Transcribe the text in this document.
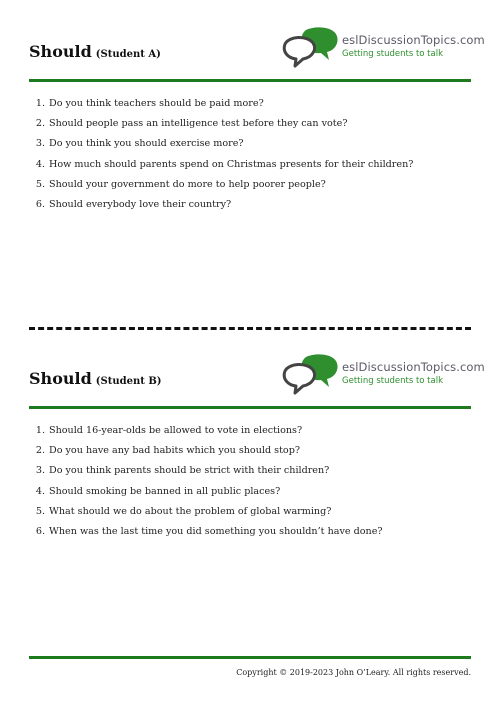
Should (Student A)
eslDiscussionTopics.com
Getting students to talk
1. Do you think teachers should be paid more?
2. Should people pass an intelligence test before they can vote?
3. Do you think you should exercise more?
4. How much should parents spend on Christmas presents for their children?
5. Should your government do more to help poorer people?
6. Should everybody love their country?
Should (Student B)
eslDiscussionTopics.com
Getting students to talk
1. Should 16-year-olds be allowed to vote in elections?
2. Do you have any bad habits which you should stop?
3. Do you think parents should be strict with their children?
4. Should smoking be banned in all public places?
5. What should we do about the problem of global warming?
6. When was the last time you did something you shouldn’t have done?
Copyright © 2019-2023 John O’Leary. All rights reserved.
